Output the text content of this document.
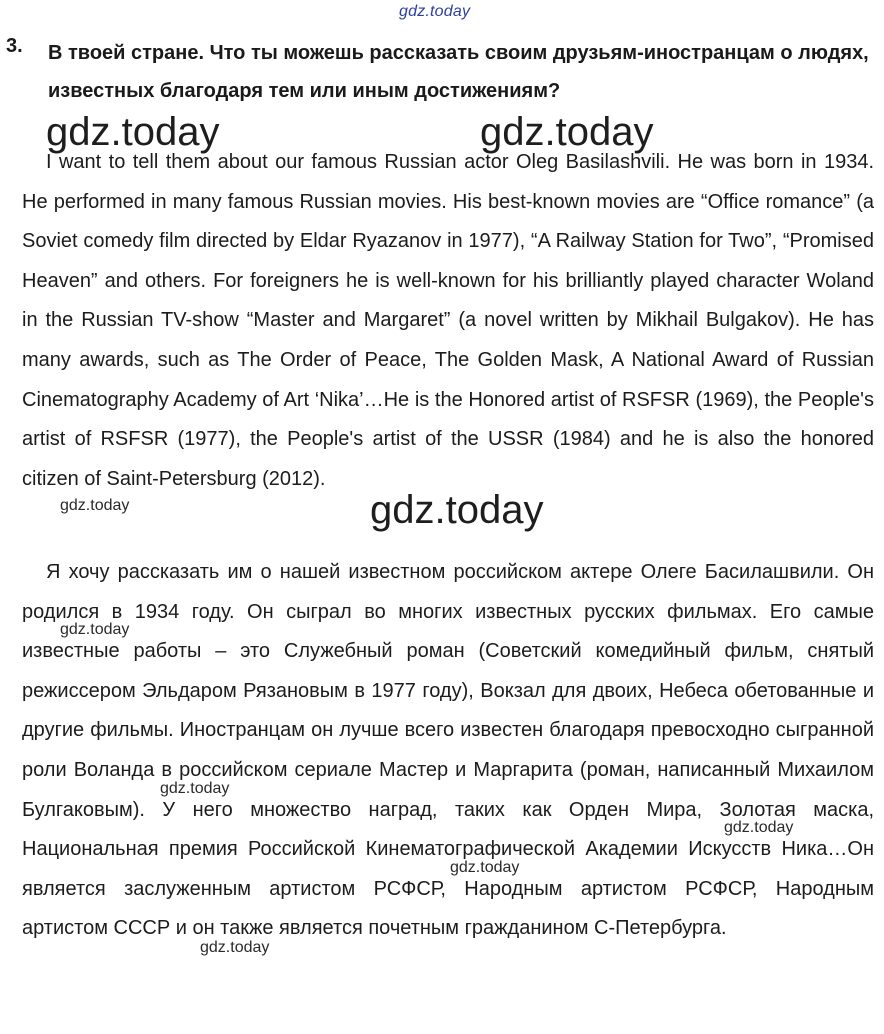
gdz.today
gdz.today	gdz.today
gdz.today	gdz.today
gdz.today
gdz.today
gdz.today
gdz.today
gdz.today
3. В твоей стране. Что ты можешь рассказать своим друзьям-иностранцам о людях, известных благодаря тем или иным достижениям?

I want to tell them about our famous Russian actor Oleg Basilashvili. He was born in 1934. He performed in many famous Russian movies. His best-known movies are “Office romance” (a Soviet comedy film directed by Eldar Ryazanov in 1977), “A Railway Station for Two”, “Promised Heaven” and others. For foreigners he is well-known for his brilliantly played character Woland in the Russian TV-show “Master and Margaret” (a novel written by Mikhail Bulgakov). He has many awards, such as The Order of Peace, The Golden Mask, A National Award of Russian Cinematography Academy of Art ‘Nika’…He is the Honored artist of RSFSR (1969), the People's artist of RSFSR (1977), the People's artist of the USSR (1984) and he is also the honored citizen of Saint-Petersburg (2012).

Я хочу рассказать им о нашей известном российском актере Олеге Басилашвили. Он родился в 1934 году. Он сыграл во многих известных русских фильмах. Его самые известные работы – это Служебный роман (Советский комедийный фильм, снятый режиссером Эльдаром Рязановым в 1977 году), Вокзал для двоих, Небеса обетованные и другие фильмы. Иностранцам он лучше всего известен благодаря превосходно сыгранной роли Воланда в российском сериале Мастер и Маргарита (роман, написанный Михаилом Булгаковым). У него множество наград, таких как Орден Мира, Золотая маска, Национальная премия Российской Кинематографической Академии Искусств Ника…Он является заслуженным артистом РСФСР, Народным артистом РСФСР, Народным артистом СССР и он также является почетным гражданином С-Петербурга.
